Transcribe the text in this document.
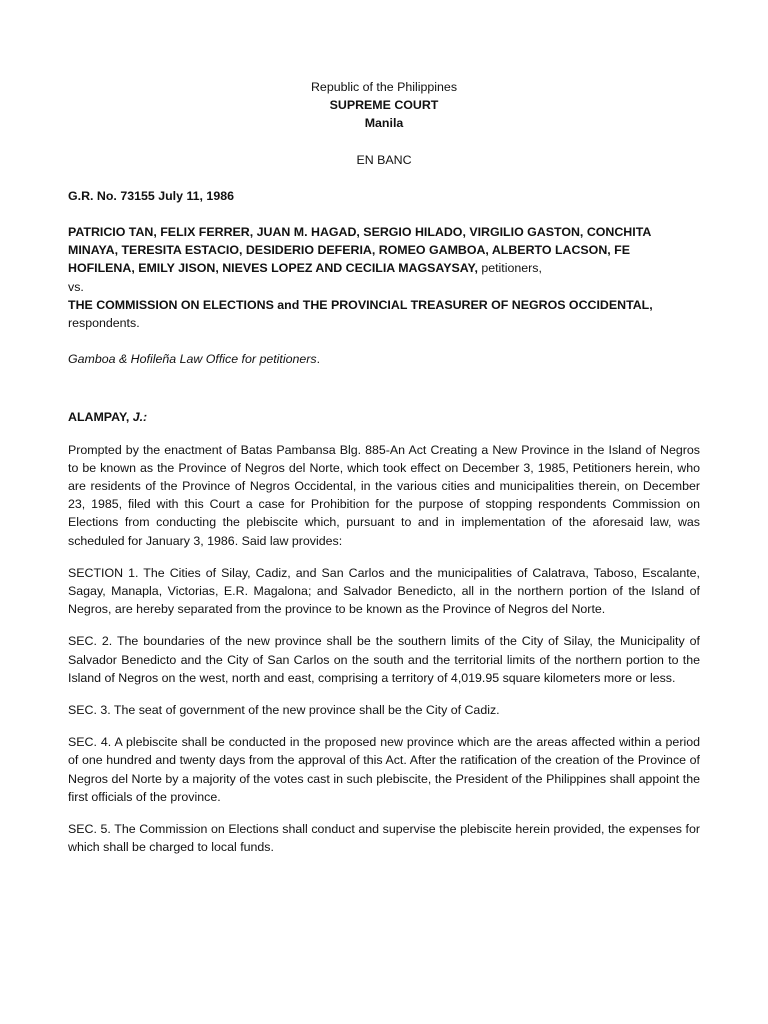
Republic of the Philippines

SUPREME COURT

Manila

EN BANC

G.R. No. 73155 July 11, 1986

PATRICIO TAN, FELIX FERRER, JUAN M. HAGAD, SERGIO HILADO, VIRGILIO GASTON, CONCHITA MINAYA, TERESITA ESTACIO, DESIDERIO DEFERIA, ROMEO GAMBOA, ALBERTO LACSON, FE HOFILENA, EMILY JISON, NIEVES LOPEZ AND CECILIA MAGSAYSAY, petitioners,

vs.

THE COMMISSION ON ELECTIONS and THE PROVINCIAL TREASURER OF NEGROS OCCIDENTAL, respondents.

Gamboa & Hofileña Law Office for petitioners.

ALAMPAY, J.:

Prompted by the enactment of Batas Pambansa Blg. 885-An Act Creating a New Province in the Island of Negros to be known as the Province of Negros del Norte, which took effect on December 3, 1985, Petitioners herein, who are residents of the Province of Negros Occidental, in the various cities and municipalities therein, on December 23, 1985, filed with this Court a case for Prohibition for the purpose of stopping respondents Commission on Elections from conducting the plebiscite which, pursuant to and in implementation of the aforesaid law, was scheduled for January 3, 1986. Said law provides:

SECTION 1. The Cities of Silay, Cadiz, and San Carlos and the municipalities of Calatrava, Taboso, Escalante, Sagay, Manapla, Victorias, E.R. Magalona; and Salvador Benedicto, all in the northern portion of the Island of Negros, are hereby separated from the province to be known as the Province of Negros del Norte.

SEC. 2. The boundaries of the new province shall be the southern limits of the City of Silay, the Municipality of Salvador Benedicto and the City of San Carlos on the south and the territorial limits of the northern portion to the Island of Negros on the west, north and east, comprising a territory of 4,019.95 square kilometers more or less.

SEC. 3. The seat of government of the new province shall be the City of Cadiz.

SEC. 4. A plebiscite shall be conducted in the proposed new province which are the areas affected within a period of one hundred and twenty days from the approval of this Act. After the ratification of the creation of the Province of Negros del Norte by a majority of the votes cast in such plebiscite, the President of the Philippines shall appoint the first officials of the province.

SEC. 5. The Commission on Elections shall conduct and supervise the plebiscite herein provided, the expenses for which shall be charged to local funds.
